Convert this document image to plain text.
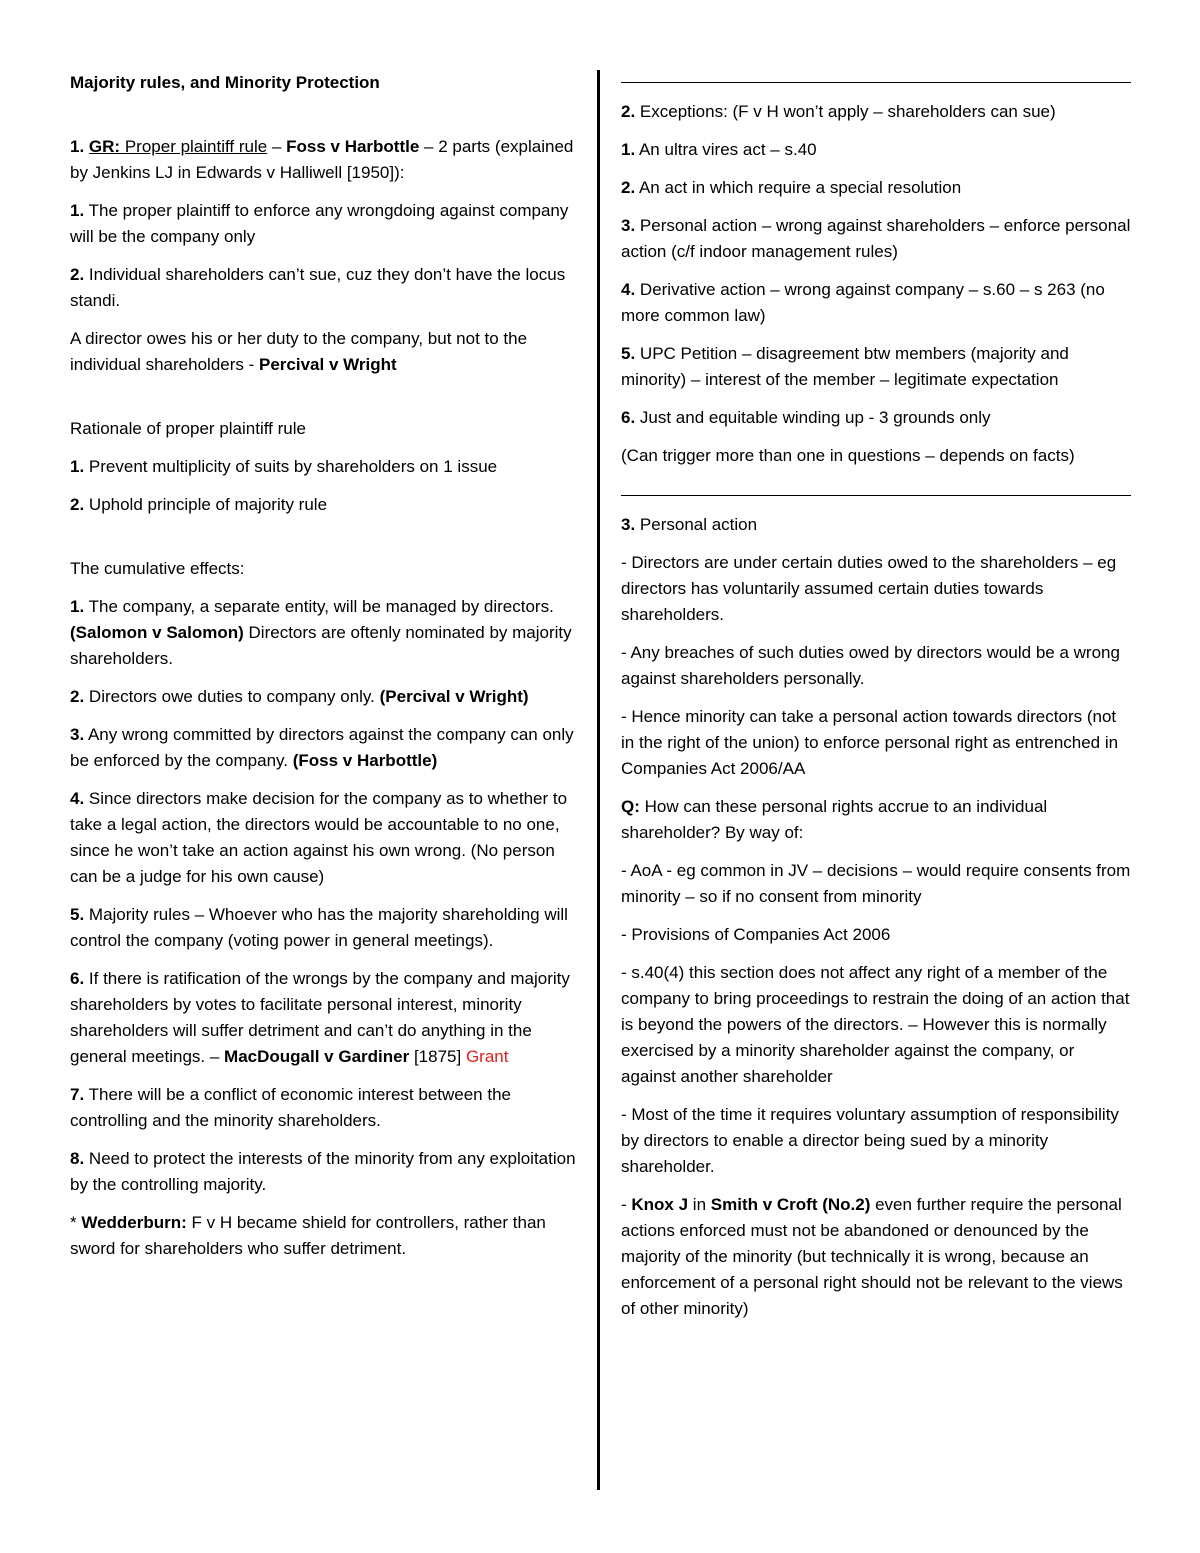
Majority rules, and Minority Protection

1. GR: Proper plaintiff rule – Foss v Harbottle – 2 parts (explained by Jenkins LJ in Edwards v Halliwell [1950]):

1. The proper plaintiff to enforce any wrongdoing against company will be the company only

2. Individual shareholders can’t sue, cuz they don’t have the locus standi.

A director owes his or her duty to the company, but not to the individual shareholders - Percival v Wright

Rationale of proper plaintiff rule

1. Prevent multiplicity of suits by shareholders on 1 issue

2. Uphold principle of majority rule

The cumulative effects:

1. The company, a separate entity, will be managed by directors. (Salomon v Salomon) Directors are oftenly nominated by majority shareholders.

2. Directors owe duties to company only. (Percival v Wright)

3. Any wrong committed by directors against the company can only be enforced by the company. (Foss v Harbottle)

4. Since directors make decision for the company as to whether to take a legal action, the directors would be accountable to no one, since he won’t take an action against his own wrong. (No person can be a judge for his own cause)

5. Majority rules – Whoever who has the majority shareholding will control the company (voting power in general meetings).

6. If there is ratification of the wrongs by the company and majority shareholders by votes to facilitate personal interest, minority shareholders will suffer detriment and can’t do anything in the general meetings. – MacDougall v Gardiner [1875] Grant

7. There will be a conflict of economic interest between the controlling and the minority shareholders.

8. Need to protect the interests of the minority from any exploitation by the controlling majority.

* Wedderburn: F v H became shield for controllers, rather than sword for shareholders who suffer detriment.

2. Exceptions: (F v H won’t apply – shareholders can sue)

1. An ultra vires act – s.40

2. An act in which require a special resolution

3. Personal action – wrong against shareholders – enforce personal action (c/f indoor management rules)

4. Derivative action – wrong against company – s.60 – s 263 (no more common law)

5. UPC Petition – disagreement btw members (majority and minority) – interest of the member – legitimate expectation

6. Just and equitable winding up - 3 grounds only

(Can trigger more than one in questions – depends on facts)

3. Personal action

- Directors are under certain duties owed to the shareholders – eg directors has voluntarily assumed certain duties towards shareholders.

- Any breaches of such duties owed by directors would be a wrong against shareholders personally.

- Hence minority can take a personal action towards directors (not in the right of the union) to enforce personal right as entrenched in Companies Act 2006/AA

Q: How can these personal rights accrue to an individual shareholder? By way of:

- AoA - eg common in JV – decisions – would require consents from minority – so if no consent from minority

- Provisions of Companies Act 2006

- s.40(4) this section does not affect any right of a member of the company to bring proceedings to restrain the doing of an action that is beyond the powers of the directors. – However this is normally exercised by a minority shareholder against the company, or against another shareholder

- Most of the time it requires voluntary assumption of responsibility by directors to enable a director being sued by a minority shareholder.

- Knox J in Smith v Croft (No.2) even further require the personal actions enforced must not be abandoned or denounced by the majority of the minority (but technically it is wrong, because an enforcement of a personal right should not be relevant to the views of other minority)
